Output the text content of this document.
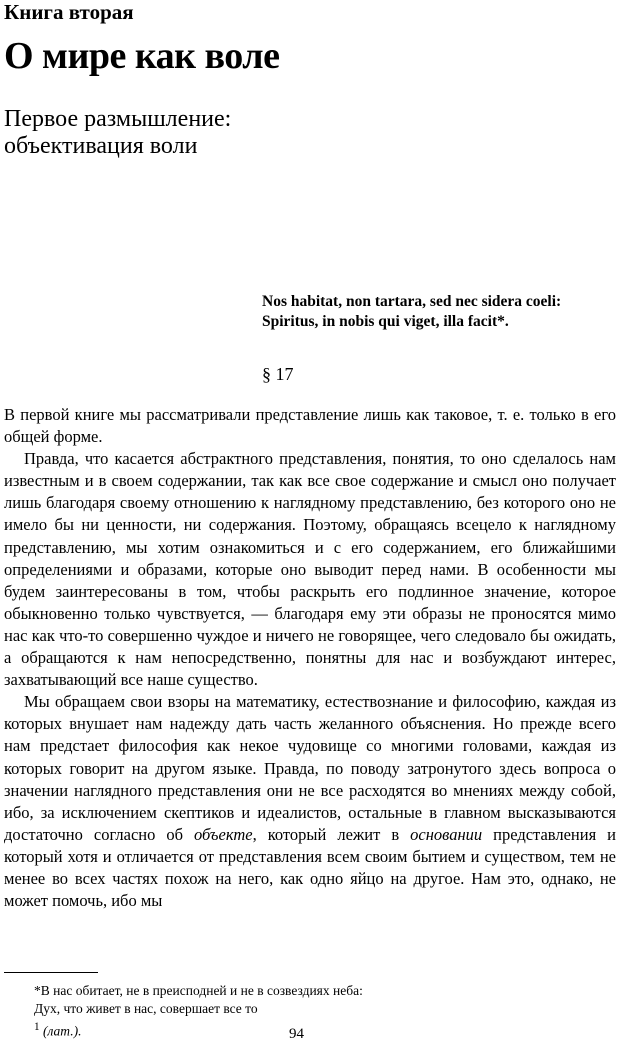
Книга вторая
О мире как воле
Первое размышление:
объективация воли
Nos habitat, non tartara, sed nec sidera coeli:
Spiritus, in nobis qui viget, illa facit*.
§ 17

В первой книге мы рассматривали представление лишь как таковое, т. е. только в его общей форме.

Правда, что касается абстрактного представления, понятия, то оно сделалось нам известным и в своем содержании, так как все свое содержание и смысл оно получает лишь благодаря своему отношению к наглядному представлению, без которого оно не имело бы ни ценности, ни содержания. Поэтому, обращаясь всецело к наглядному представлению, мы хотим ознакомиться и с его содержанием, его ближайшими определениями и образами, которые оно выводит перед нами. В особенности мы будем заинтересованы в том, чтобы раскрыть его подлинное значение, которое обыкновенно только чувствуется, — благодаря ему эти образы не проносятся мимо нас как что-то совершенно чуждое и ничего не говорящее, чего следовало бы ожидать, а обращаются к нам непосредственно, понятны для нас и возбуждают интерес, захватывающий все наше существо.

Мы обращаем свои взоры на математику, естествознание и философию, каждая из которых внушает нам надежду дать часть желанного объяснения. Но прежде всего нам предстает философия как некое чудовище со многими головами, каждая из которых говорит на другом языке. Правда, по поводу затронутого здесь вопроса о значении наглядного представления они не все расходятся во мнениях между собой, ибо, за исключением скептиков и идеалистов, остальные в главном высказываются достаточно согласно об объекте, который лежит в основании представления и который хотя и отличается от представления всем своим бытием и существом, тем не менее во всех частях похож на него, как одно яйцо на другое. Нам это, однако, не может помочь, ибо мы

*В нас обитает, не в преисподней и не в созвездиях неба:
Дух, что живет в нас, совершает все то
$^1$ (лат.).	94
